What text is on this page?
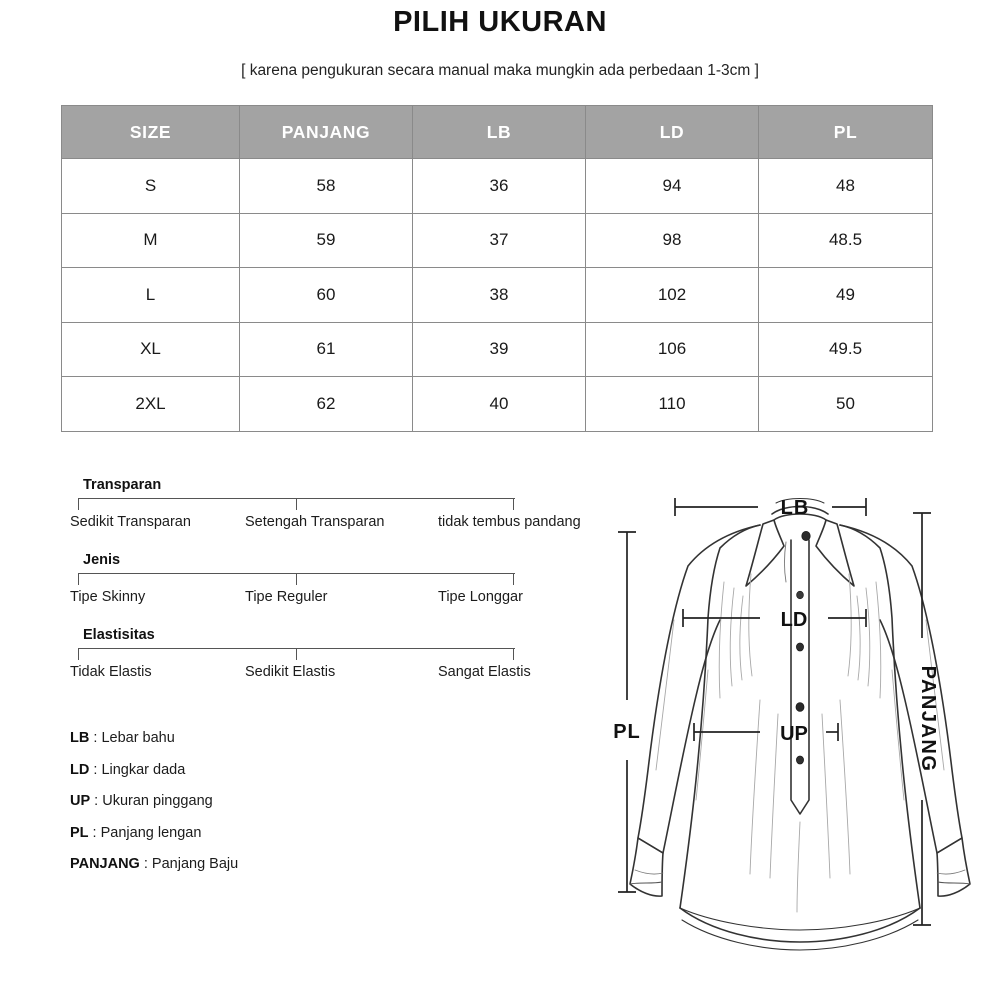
PILIH UKURAN
[ karena pengukuran secara manual maka mungkin ada perbedaan 1-3cm ]
SIZE	PANJANG	LB	LD	PL
S	58	36	94	48
M	59	37	98	48.5
L	60	38	102	49
XL	61	39	106	49.5
2XL	62	40	110	50
Transparan
Sedikit Transparan	Setengah Transparan	tidak tembus pandang
Jenis
Tipe Skinny	Tipe Reguler	Tipe Longgar
Elastisitas
Tidak Elastis	Sedikit Elastis	Sangat Elastis
LB : Lebar bahu
LD : Lingkar dada
UP : Ukuran pinggang
PL : Panjang lengan
PANJANG : Panjang Baju
LB
LD
UP
PL	PANJANG
